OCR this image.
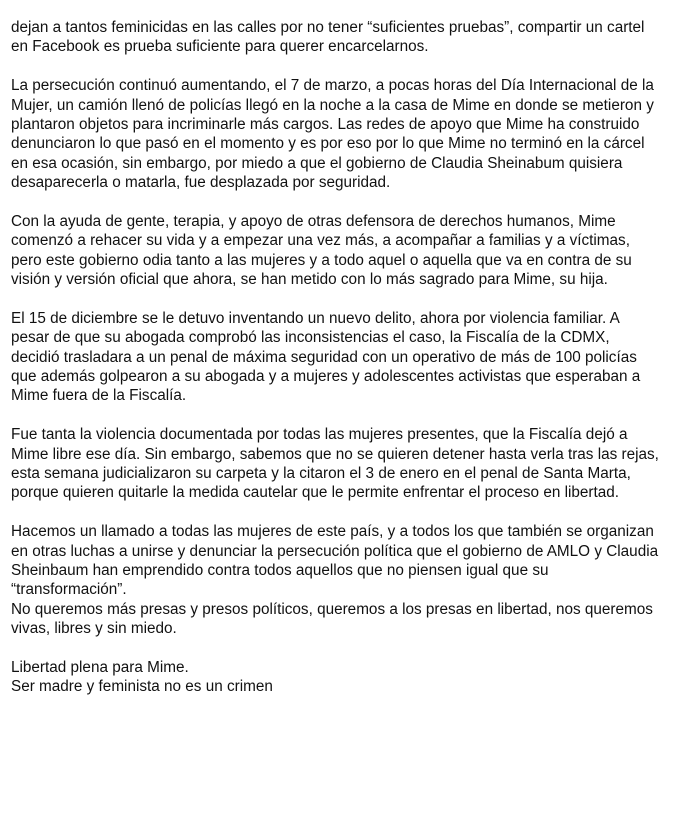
dejan a tantos feminicidas en las calles por no tener “suficientes pruebas”, compartir un cartel
en Facebook es prueba suficiente para querer encarcelarnos.
La persecución continuó aumentando, el 7 de marzo, a pocas horas del Día Internacional de la
Mujer, un camión llenó de policías llegó en la noche a la casa de Mime en donde se metieron y
plantaron objetos para incriminarle más cargos. Las redes de apoyo que Mime ha construido
denunciaron lo que pasó en el momento y es por eso por lo que Mime no terminó en la cárcel
en esa ocasión, sin embargo, por miedo a que el gobierno de Claudia Sheinabum quisiera
desaparecerla o matarla, fue desplazada por seguridad.
Con la ayuda de gente, terapia, y apoyo de otras defensora de derechos humanos, Mime
comenzó a rehacer su vida y a empezar una vez más, a acompañar a familias y a víctimas,
pero este gobierno odia tanto a las mujeres y a todo aquel o aquella que va en contra de su
visión y versión oficial que ahora, se han metido con lo más sagrado para Mime, su hija.
El 15 de diciembre se le detuvo inventando un nuevo delito, ahora por violencia familiar. A
pesar de que su abogada comprobó las inconsistencias el caso, la Fiscalía de la CDMX,
decidió trasladara a un penal de máxima seguridad con un operativo de más de 100 policías
que además golpearon a su abogada y a mujeres y adolescentes activistas que esperaban a
Mime fuera de la Fiscalía.
Fue tanta la violencia documentada por todas las mujeres presentes, que la Fiscalía dejó a
Mime libre ese día. Sin embargo, sabemos que no se quieren detener hasta verla tras las rejas,
esta semana judicializaron su carpeta y la citaron el 3 de enero en el penal de Santa Marta,
porque quieren quitarle la medida cautelar que le permite enfrentar el proceso en libertad.
Hacemos un llamado a todas las mujeres de este país, y a todos los que también se organizan
en otras luchas a unirse y denunciar la persecución política que el gobierno de AMLO y Claudia
Sheinbaum han emprendido contra todos aquellos que no piensen igual que su
“transformación”.
No queremos más presas y presos políticos, queremos a los presas en libertad, nos queremos
vivas, libres y sin miedo.
Libertad plena para Mime.
Ser madre y feminista no es un crimen
